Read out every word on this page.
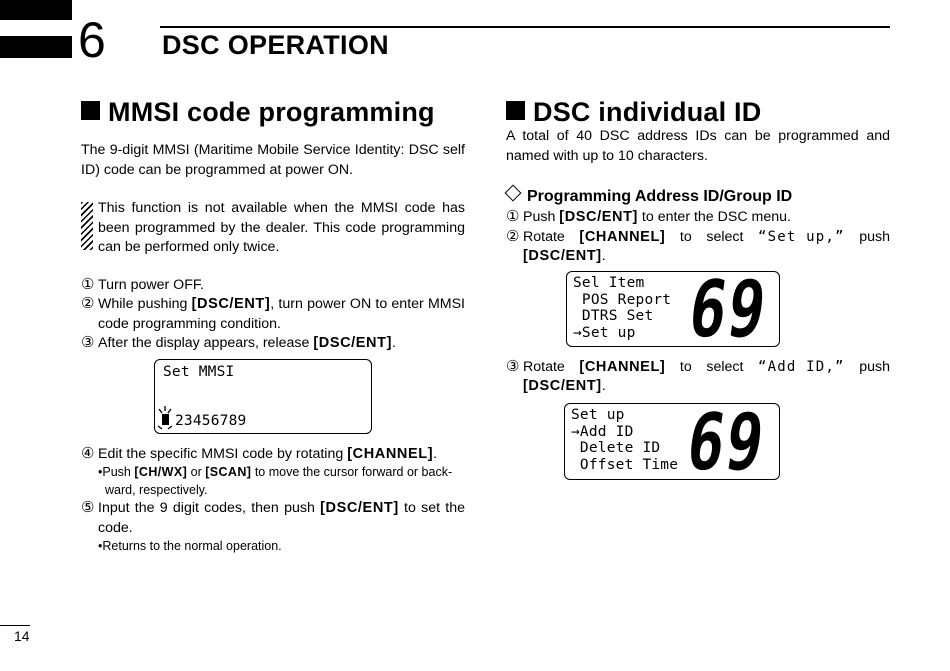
6 DSC OPERATION
MMSI code programming
The 9-digit MMSI (Maritime Mobile Service Identity: DSC self ID) code can be programmed at power ON.
This function is not available when the MMSI code has been programmed by the dealer. This code programming can be performed only twice.
① Turn power OFF.
② While pushing [DSC/ENT], turn power ON to enter MMSI code programming condition.
③ After the display appears, release [DSC/ENT].
Set MMSI
23456789
④ Edit the specific MMSI code by rotating [CHANNEL].
•Push [CH/WX] or [SCAN] to move the cursor forward or back-
ward, respectively.
⑤ Input the 9 digit codes, then push [DSC/ENT] to set the code.
•Returns to the normal operation.
DSC individual ID
A total of 40 DSC address IDs can be programmed and named with up to 10 characters.
Programming Address ID/Group ID
① Push [DSC/ENT] to enter the DSC menu.
② Rotate [CHANNEL] to select “Set up,” push
[DSC/ENT].
Sel Item
POS Report
DTRS Set
→Set up 69
③ Rotate [CHANNEL] to select “Add ID,” push
[DSC/ENT].
Set up
→Add ID
Delete ID
Offset Time 69
14
